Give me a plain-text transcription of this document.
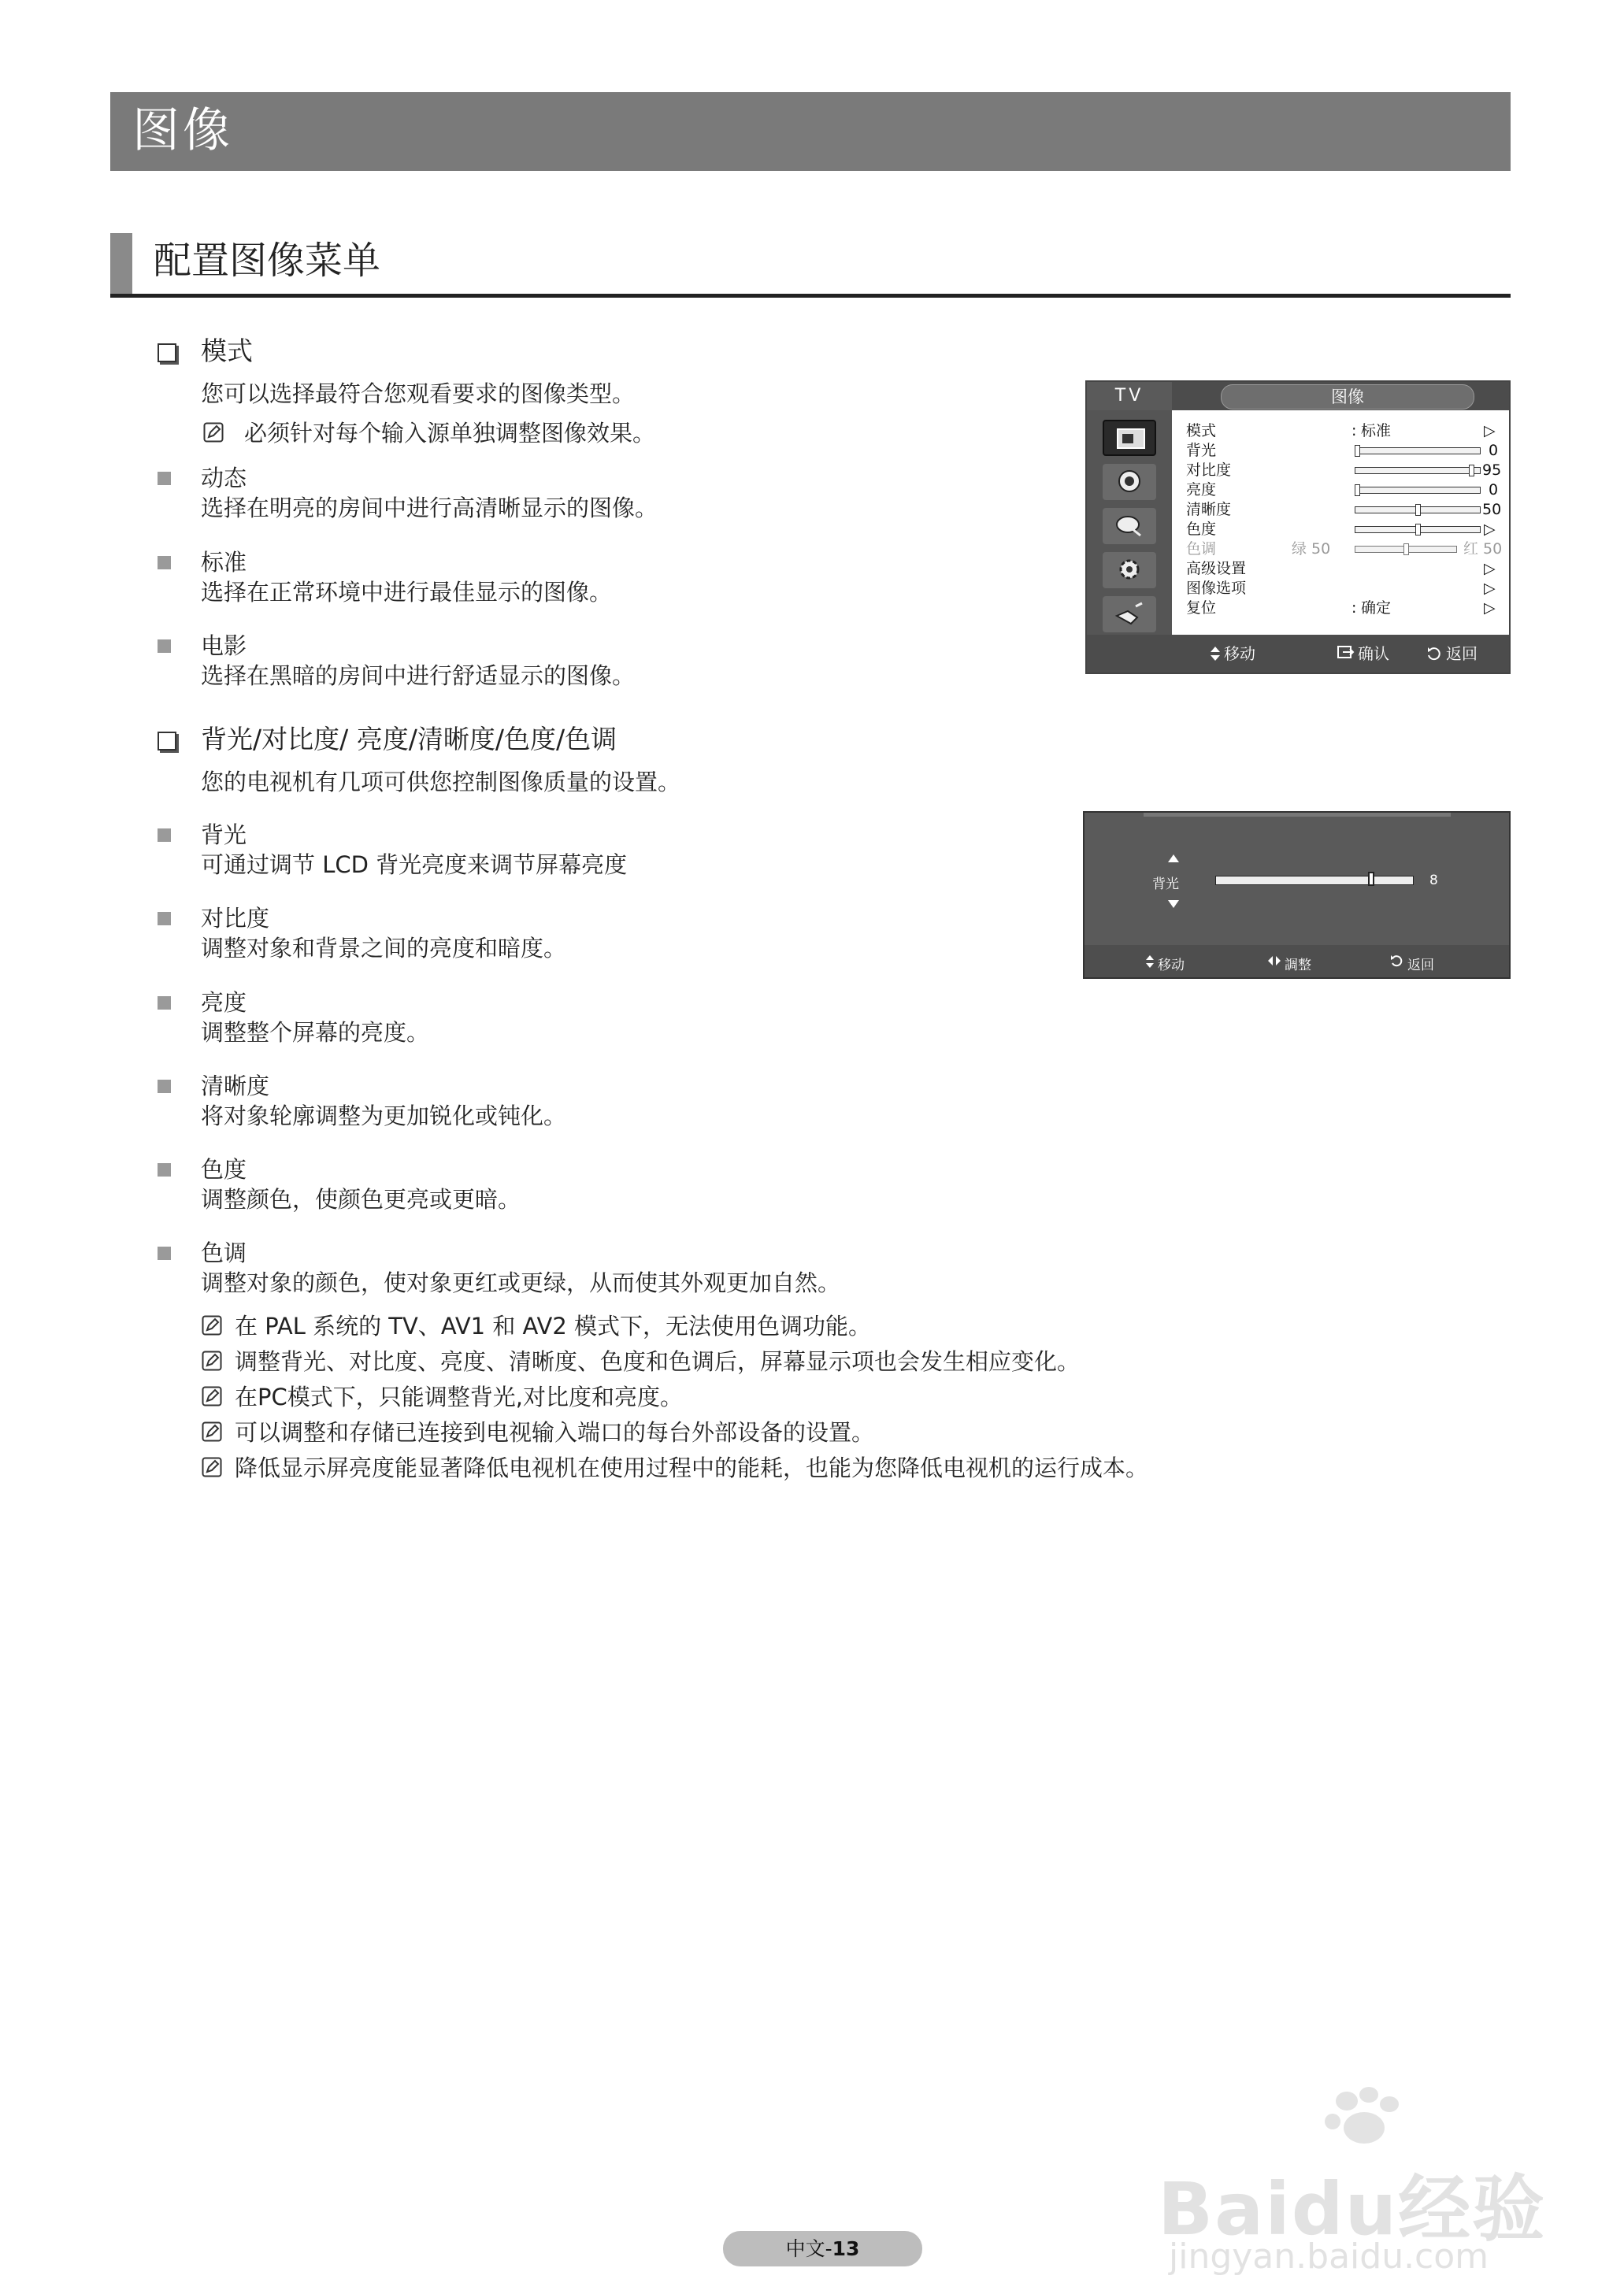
图像
配置图像菜单
模式
您可以选择最符合您观看要求的图像类型。
必须针对每个输入源单独调整图像效果。
动态
选择在明亮的房间中进行高清晰显示的图像。
标准
选择在正常环境中进行最佳显示的图像。
电影
选择在黑暗的房间中进行舒适显示的图像。
背光/对比度/ 亮度/清晰度/色度/色调
您的电视机有几项可供您控制图像质量的设置。
背光
可通过调节 LCD 背光亮度来调节屏幕亮度
对比度
调整对象和背景之间的亮度和暗度。
亮度
调整整个屏幕的亮度。
清晰度
将对象轮廓调整为更加锐化或钝化。
色度
调整颜色，使颜色更亮或更暗。
色调
调整对象的颜色，使对象更红或更绿，从而使其外观更加自然。
在 PAL 系统的 TV、AV1 和 AV2 模式下，无法使用色调功能。
调整背光、对比度、亮度、清晰度、色度和色调后，屏幕显示项也会发生相应变化。
在PC模式下，只能调整背光,对比度和亮度。
可以调整和存储已连接到电视输入端口的每台外部设备的设置。
降低显示屏亮度能显著降低电视机在使用过程中的能耗，也能为您降低电视机的运行成本。
TV	图像
模式	: 标准	▷
背光	0
对比度	95
亮度	0
清晰度	50
色度	▷
色调	绿 50	红 50
高级设置	▷
图像选项	▷
复位	: 确定	▷
移动	确认	返回
背光	8
移动	調整	返回
Baidu经验
jingyan.baidu.com
中文-13
